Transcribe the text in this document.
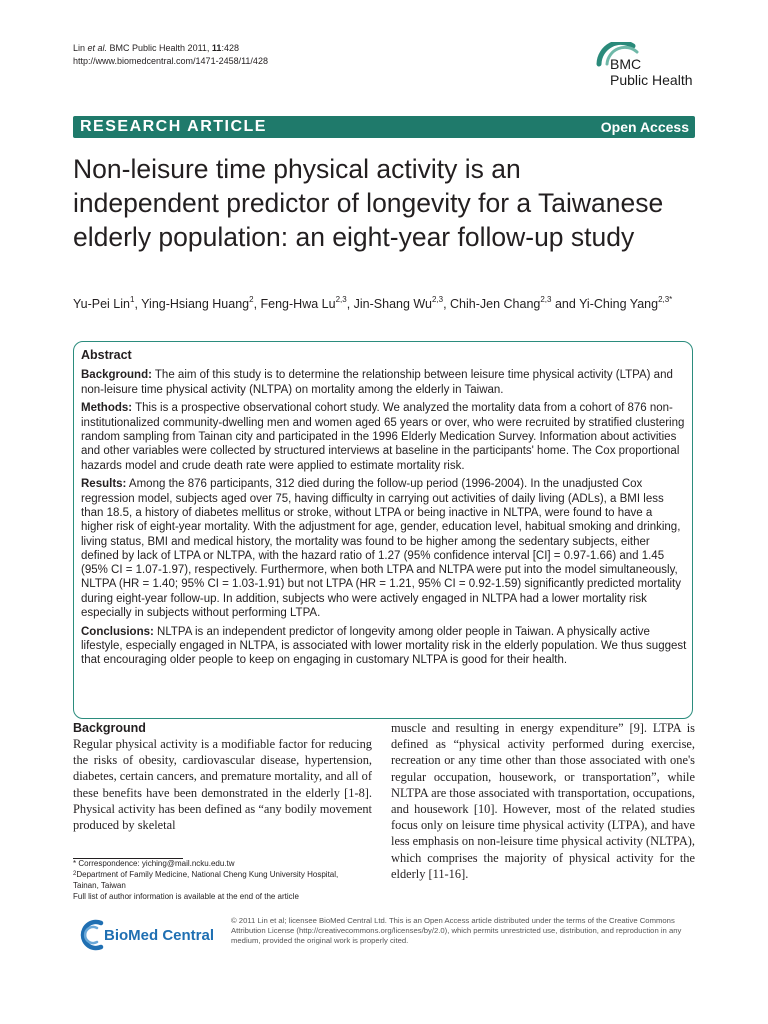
Lin et al. BMC Public Health 2011, 11:428
http://www.biomedcentral.com/1471-2458/11/428	BMC
Public Health
RESEARCH ARTICLE	Open Access
Non-leisure time physical activity is an independent predictor of longevity for a Taiwanese elderly population: an eight-year follow-up study
Yu-Pei Lin$^1$, Ying-Hsiang Huang$^2$, Feng-Hwa Lu$^{2,3}$, Jin-Shang Wu$^{2,3}$, Chih-Jen Chang$^{2,3}$ and Yi-Ching Yang$^{2,3*}$
Abstract

Background: The aim of this study is to determine the relationship between leisure time physical activity (LTPA) and non-leisure time physical activity (NLTPA) on mortality among the elderly in Taiwan.

Methods: This is a prospective observational cohort study. We analyzed the mortality data from a cohort of 876 non-institutionalized community-dwelling men and women aged 65 years or over, who were recruited by stratified clustering random sampling from Tainan city and participated in the 1996 Elderly Medication Survey. Information about activities and other variables were collected by structured interviews at baseline in the participants' home. The Cox proportional hazards model and crude death rate were applied to estimate mortality risk.

Results: Among the 876 participants, 312 died during the follow-up period (1996-2004). In the unadjusted Cox regression model, subjects aged over 75, having difficulty in carrying out activities of daily living (ADLs), a BMI less than 18.5, a history of diabetes mellitus or stroke, without LTPA or being inactive in NLTPA, were found to have a higher risk of eight-year mortality. With the adjustment for age, gender, education level, habitual smoking and drinking, living status, BMI and medical history, the mortality was found to be higher among the sedentary subjects, either defined by lack of LTPA or NLTPA, with the hazard ratio of 1.27 (95% confidence interval [CI] = 0.97-1.66) and 1.45 (95% CI = 1.07-1.97), respectively. Furthermore, when both LTPA and NLTPA were put into the model simultaneously, NLTPA (HR = 1.40; 95% CI = 1.03-1.91) but not LTPA (HR = 1.21, 95% CI = 0.92-1.59) significantly predicted mortality during eight-year follow-up. In addition, subjects who were actively engaged in NLTPA had a lower mortality risk especially in subjects without performing LTPA.

Conclusions: NLTPA is an independent predictor of longevity among older people in Taiwan. A physically active lifestyle, especially engaged in NLTPA, is associated with lower mortality risk in the elderly population. We thus suggest that encouraging older people to keep on engaging in customary NLTPA is good for their health.

Background
Regular physical activity is a modifiable factor for reducing the risks of obesity, cardiovascular disease, hypertension, diabetes, certain cancers, and premature mortality, and all of these benefits have been demonstrated in the elderly [1-8]. Physical activity has been defined as “any bodily movement produced by skeletal
muscle and resulting in energy expenditure” [9]. LTPA is defined as “physical activity performed during exercise, recreation or any time other than those associated with one's regular occupation, housework, or transportation”, while NLTPA are those associated with transportation, occupations, and housework [10]. However, most of the related studies focus only on leisure time physical activity (LTPA), and have less emphasis on non-leisure time physical activity (NLTPA), which comprises the majority of physical activity for the elderly [11-16].
* Correspondence: yiching@mail.ncku.edu.tw
$^2$Department of Family Medicine, National Cheng Kung University Hospital,
Tainan, Taiwan
Full list of author information is available at the end of the article
BioMed Central
© 2011 Lin et al; licensee BioMed Central Ltd. This is an Open Access article distributed under the terms of the Creative Commons Attribution License (http://creativecommons.org/licenses/by/2.0), which permits unrestricted use, distribution, and reproduction in any medium, provided the original work is properly cited.
